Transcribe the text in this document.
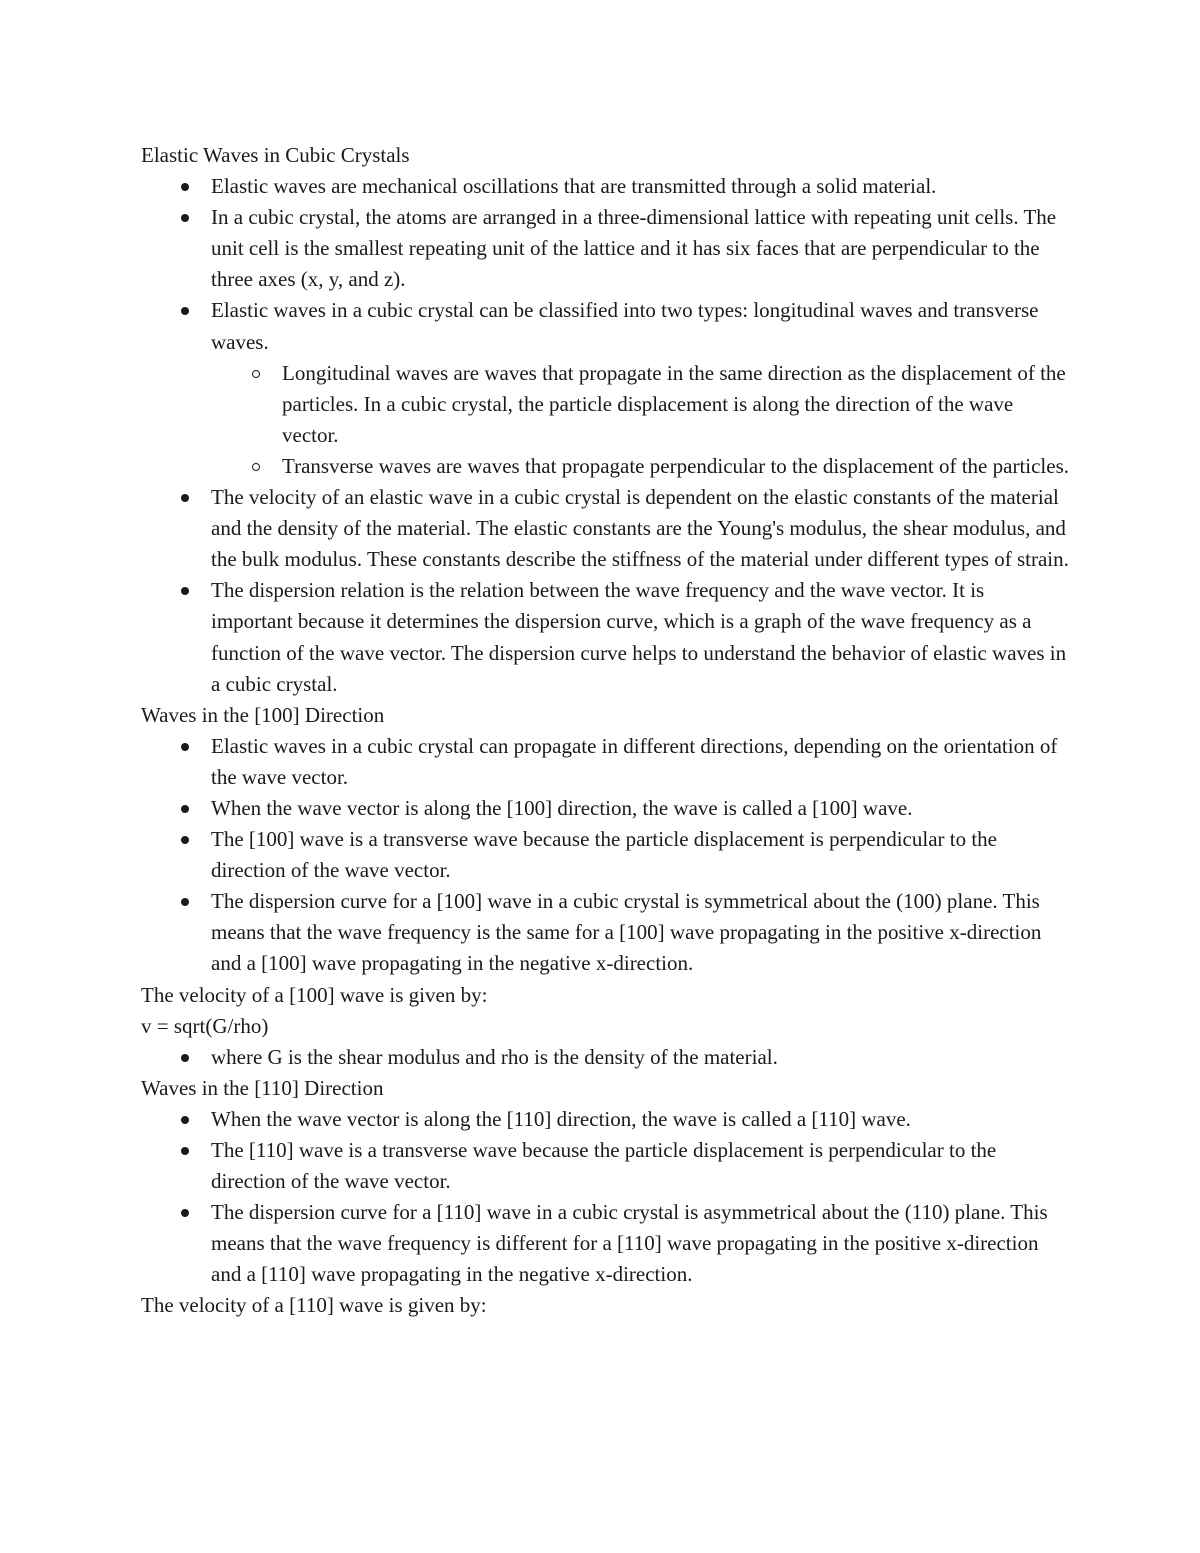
Elastic Waves in Cubic Crystals

Elastic waves are mechanical oscillations that are transmitted through a solid material.
In a cubic crystal, the atoms are arranged in a three-dimensional lattice with repeating unit cells. The unit cell is the smallest repeating unit of the lattice and it has six faces that are perpendicular to the three axes (x, y, and z).
Elastic waves in a cubic crystal can be classified into two types: longitudinal waves and transverse waves.
Longitudinal waves are waves that propagate in the same direction as the displacement of the particles. In a cubic crystal, the particle displacement is along the direction of the wave vector.
Transverse waves are waves that propagate perpendicular to the displacement of the particles.
The velocity of an elastic wave in a cubic crystal is dependent on the elastic constants of the material and the density of the material. The elastic constants are the Young's modulus, the shear modulus, and the bulk modulus. These constants describe the stiffness of the material under different types of strain.
The dispersion relation is the relation between the wave frequency and the wave vector. It is important because it determines the dispersion curve, which is a graph of the wave frequency as a function of the wave vector. The dispersion curve helps to understand the behavior of elastic waves in a cubic crystal.

Waves in the [100] Direction

Elastic waves in a cubic crystal can propagate in different directions, depending on the orientation of the wave vector.
When the wave vector is along the [100] direction, the wave is called a [100] wave.
The [100] wave is a transverse wave because the particle displacement is perpendicular to the direction of the wave vector.
The dispersion curve for a [100] wave in a cubic crystal is symmetrical about the (100) plane. This means that the wave frequency is the same for a [100] wave propagating in the positive x-direction and a [100] wave propagating in the negative x-direction.

The velocity of a [100] wave is given by:

v = sqrt(G/rho)

where G is the shear modulus and rho is the density of the material.

Waves in the [110] Direction

When the wave vector is along the [110] direction, the wave is called a [110] wave.
The [110] wave is a transverse wave because the particle displacement is perpendicular to the direction of the wave vector.
The dispersion curve for a [110] wave in a cubic crystal is asymmetrical about the (110) plane. This means that the wave frequency is different for a [110] wave propagating in the positive x-direction and a [110] wave propagating in the negative x-direction.

The velocity of a [110] wave is given by:
